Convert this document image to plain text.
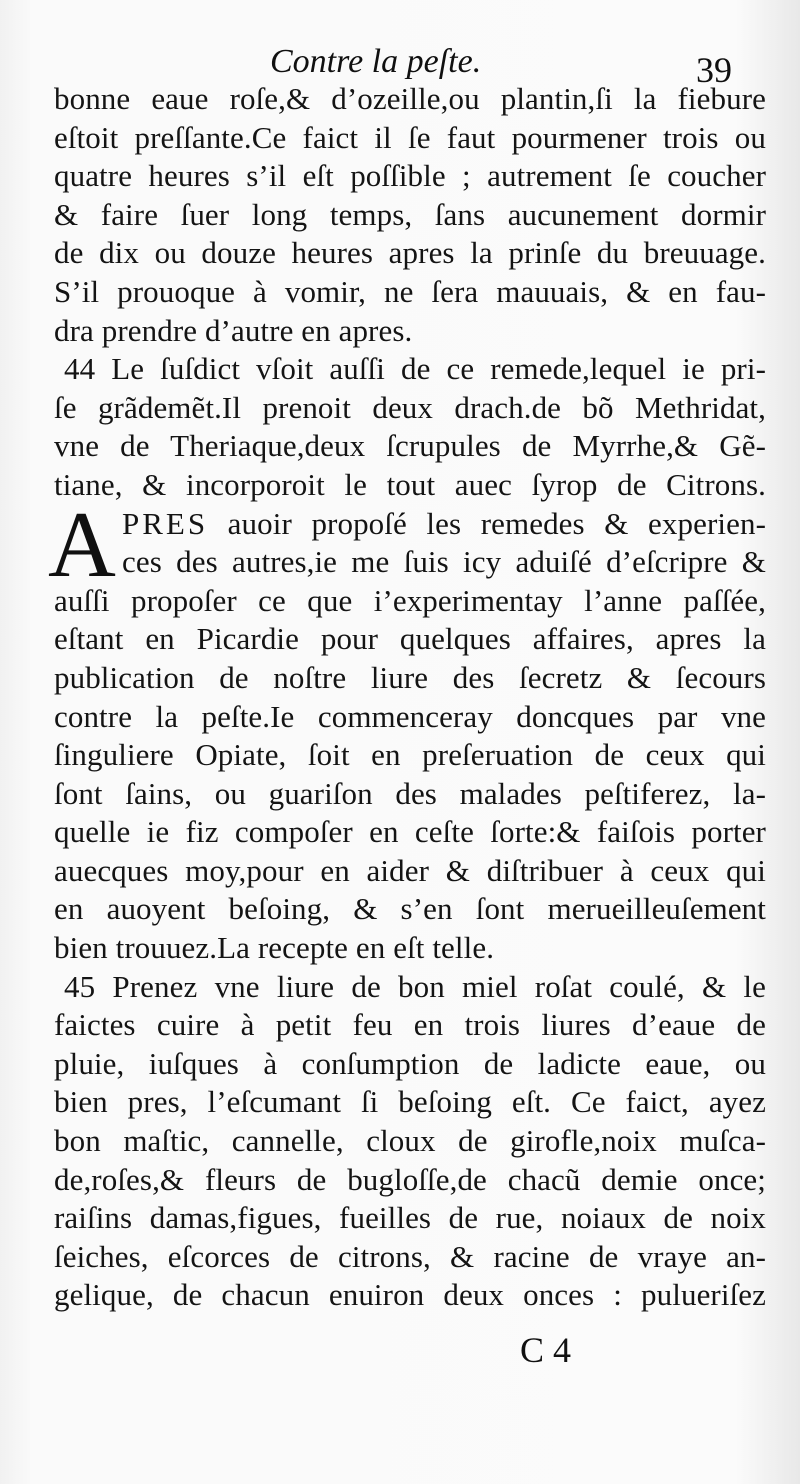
Contre la peſte.	39
bonne eaue roſe,& d’ozeille,ou plantin,ſi la fiebure
eſtoit preſſante.Ce faict il ſe faut pourmener trois ou
quatre heures s’il eſt poſſible ; autrement ſe coucher
& faire ſuer long temps, ſans aucunement dormir
de dix ou douze heures apres la prinſe du breuuage.
S’il prouoque à vomir, ne ſera mauuais, & en fau-
dra prendre d’autre en apres.
44 Le ſuſdict vſoit auſſi de ce remede,lequel ie pri-
ſe grãdemẽt.Il prenoit deux drach.de bõ Methridat,
vne de Theriaque,deux ſcrupules de Myrrhe,& Gẽ-
tiane, & incorporoit le tout auec ſyrop de Citrons.
A PRES auoir propoſé les remedes & experien-
ces des autres,ie me ſuis icy aduiſé d’eſcripre &
auſſi propoſer ce que i’experimentay l’anne paſſée,
eſtant en Picardie pour quelques affaires, apres la
publication de noſtre liure des ſecretz & ſecours
contre la peſte.Ie commenceray doncques par vne
ſinguliere Opiate, ſoit en preſeruation de ceux qui
ſont ſains, ou guariſon des malades peſtiferez, la-
quelle ie fiz compoſer en ceſte ſorte:& faiſois porter
auecques moy,pour en aider & diſtribuer à ceux qui
en auoyent beſoing, & s’en ſont merueilleuſement
bien trouuez.La recepte en eſt telle.
45 Prenez vne liure de bon miel roſat coulé, & le
faictes cuire à petit feu en trois liures d’eaue de
pluie, iuſques à conſumption de ladicte eaue, ou
bien pres, l’eſcumant ſi beſoing eſt. Ce faict, ayez
bon maſtic, cannelle, cloux de girofle,noix muſca-
de,roſes,& fleurs de bugloſſe,de chacũ demie once;
raiſins damas,figues, fueilles de rue, noiaux de noix
ſeiches, eſcorces de citrons, & racine de vraye an-
gelique, de chacun enuiron deux onces : pulueriſez
C 4
